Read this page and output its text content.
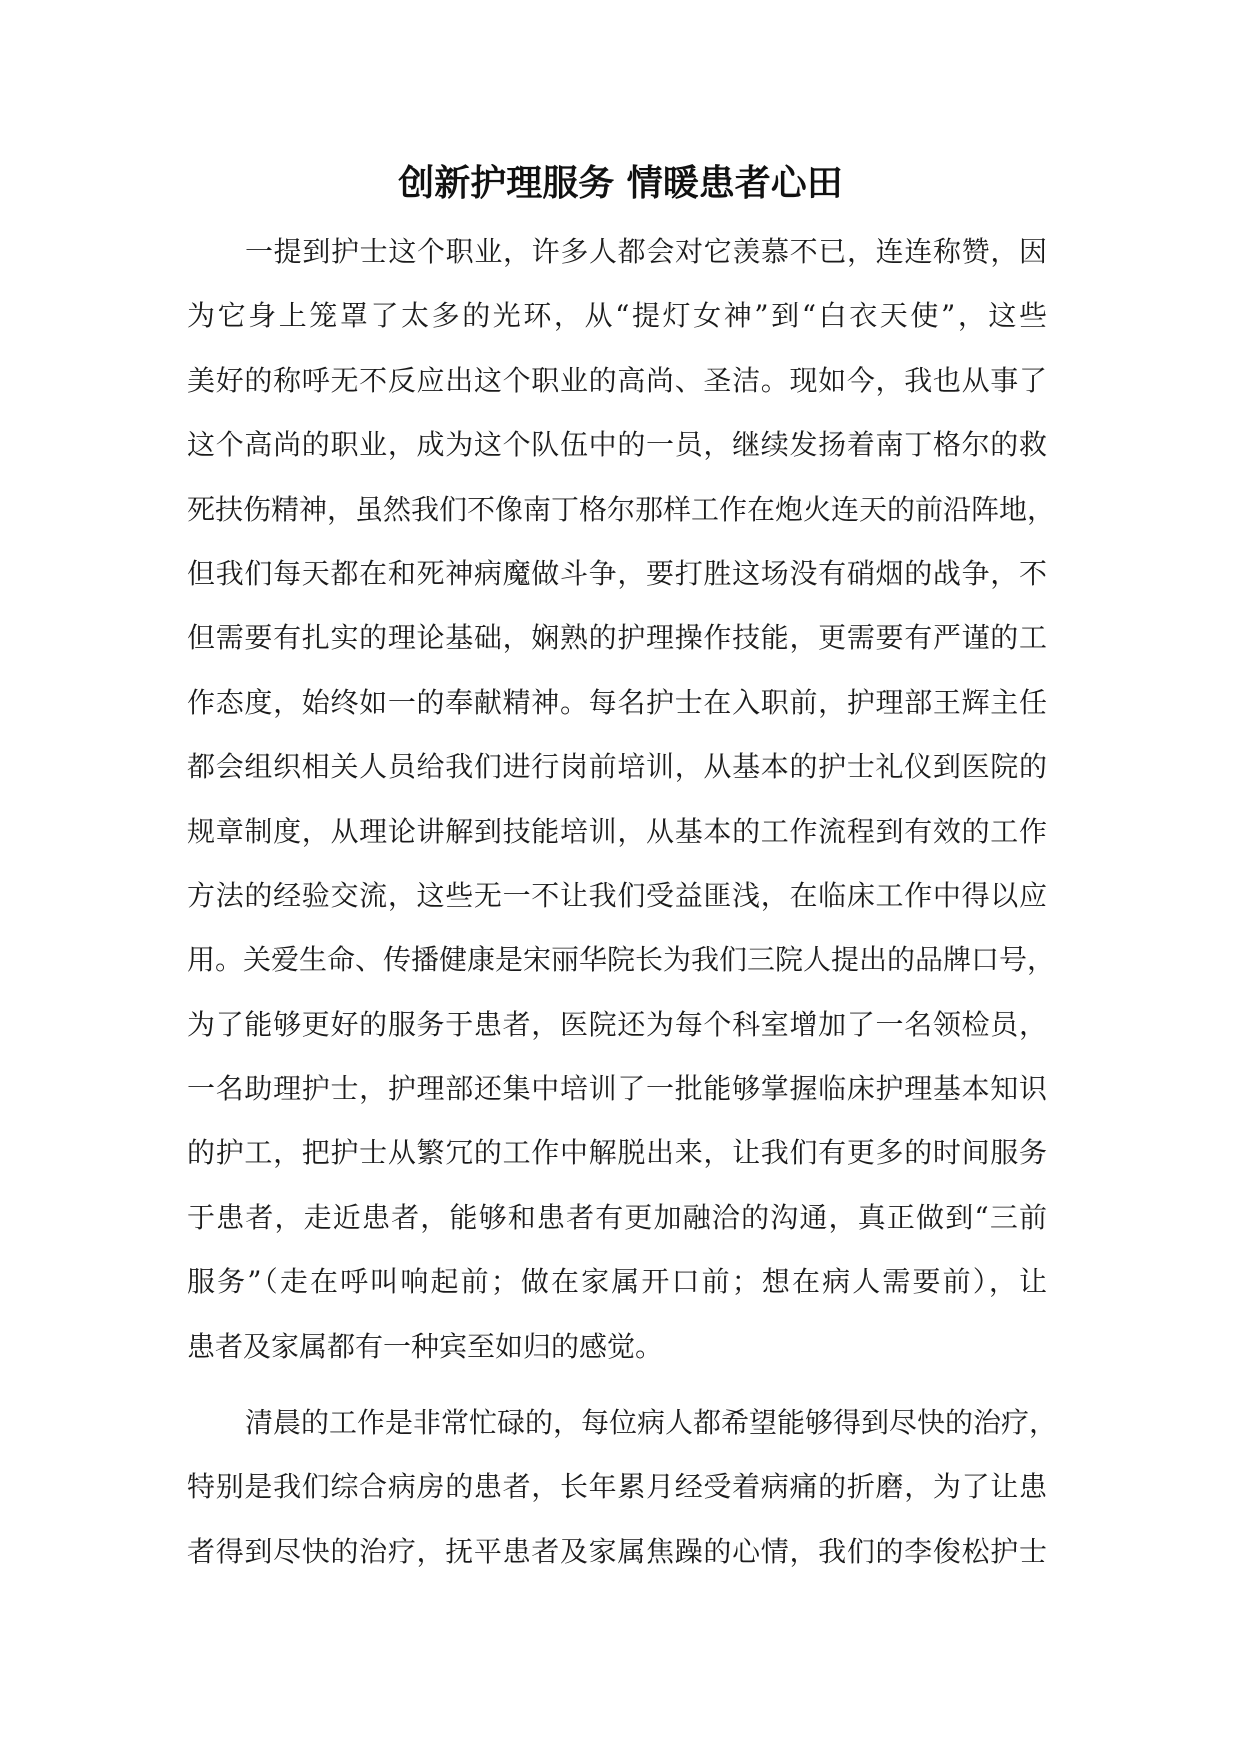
创新护理服务 情暖患者心田
一提到护士这个职业，许多人都会对它羡慕不已，连连称赞，因
为它身上笼罩了太多的光环，从“提灯女神”到“白衣天使”，这些
美好的称呼无不反应出这个职业的高尚、圣洁。现如今，我也从事了
这个高尚的职业，成为这个队伍中的一员，继续发扬着南丁格尔的救
死扶伤精神，虽然我们不像南丁格尔那样工作在炮火连天的前沿阵地，
但我们每天都在和死神病魔做斗争，要打胜这场没有硝烟的战争，不
但需要有扎实的理论基础，娴熟的护理操作技能，更需要有严谨的工
作态度，始终如一的奉献精神。每名护士在入职前，护理部王辉主任
都会组织相关人员给我们进行岗前培训，从基本的护士礼仪到医院的
规章制度，从理论讲解到技能培训，从基本的工作流程到有效的工作
方法的经验交流，这些无一不让我们受益匪浅，在临床工作中得以应
用。关爱生命、传播健康是宋丽华院长为我们三院人提出的品牌口号，
为了能够更好的服务于患者，医院还为每个科室增加了一名领检员，
一名助理护士，护理部还集中培训了一批能够掌握临床护理基本知识
的护工，把护士从繁冗的工作中解脱出来，让我们有更多的时间服务
于患者，走近患者，能够和患者有更加融洽的沟通，真正做到“三前
服务”（走在呼叫响起前；做在家属开口前；想在病人需要前），让
患者及家属都有一种宾至如归的感觉。
清晨的工作是非常忙碌的，每位病人都希望能够得到尽快的治疗，
特别是我们综合病房的患者，长年累月经受着病痛的折磨，为了让患
者得到尽快的治疗，抚平患者及家属焦躁的心情，我们的李俊松护士
